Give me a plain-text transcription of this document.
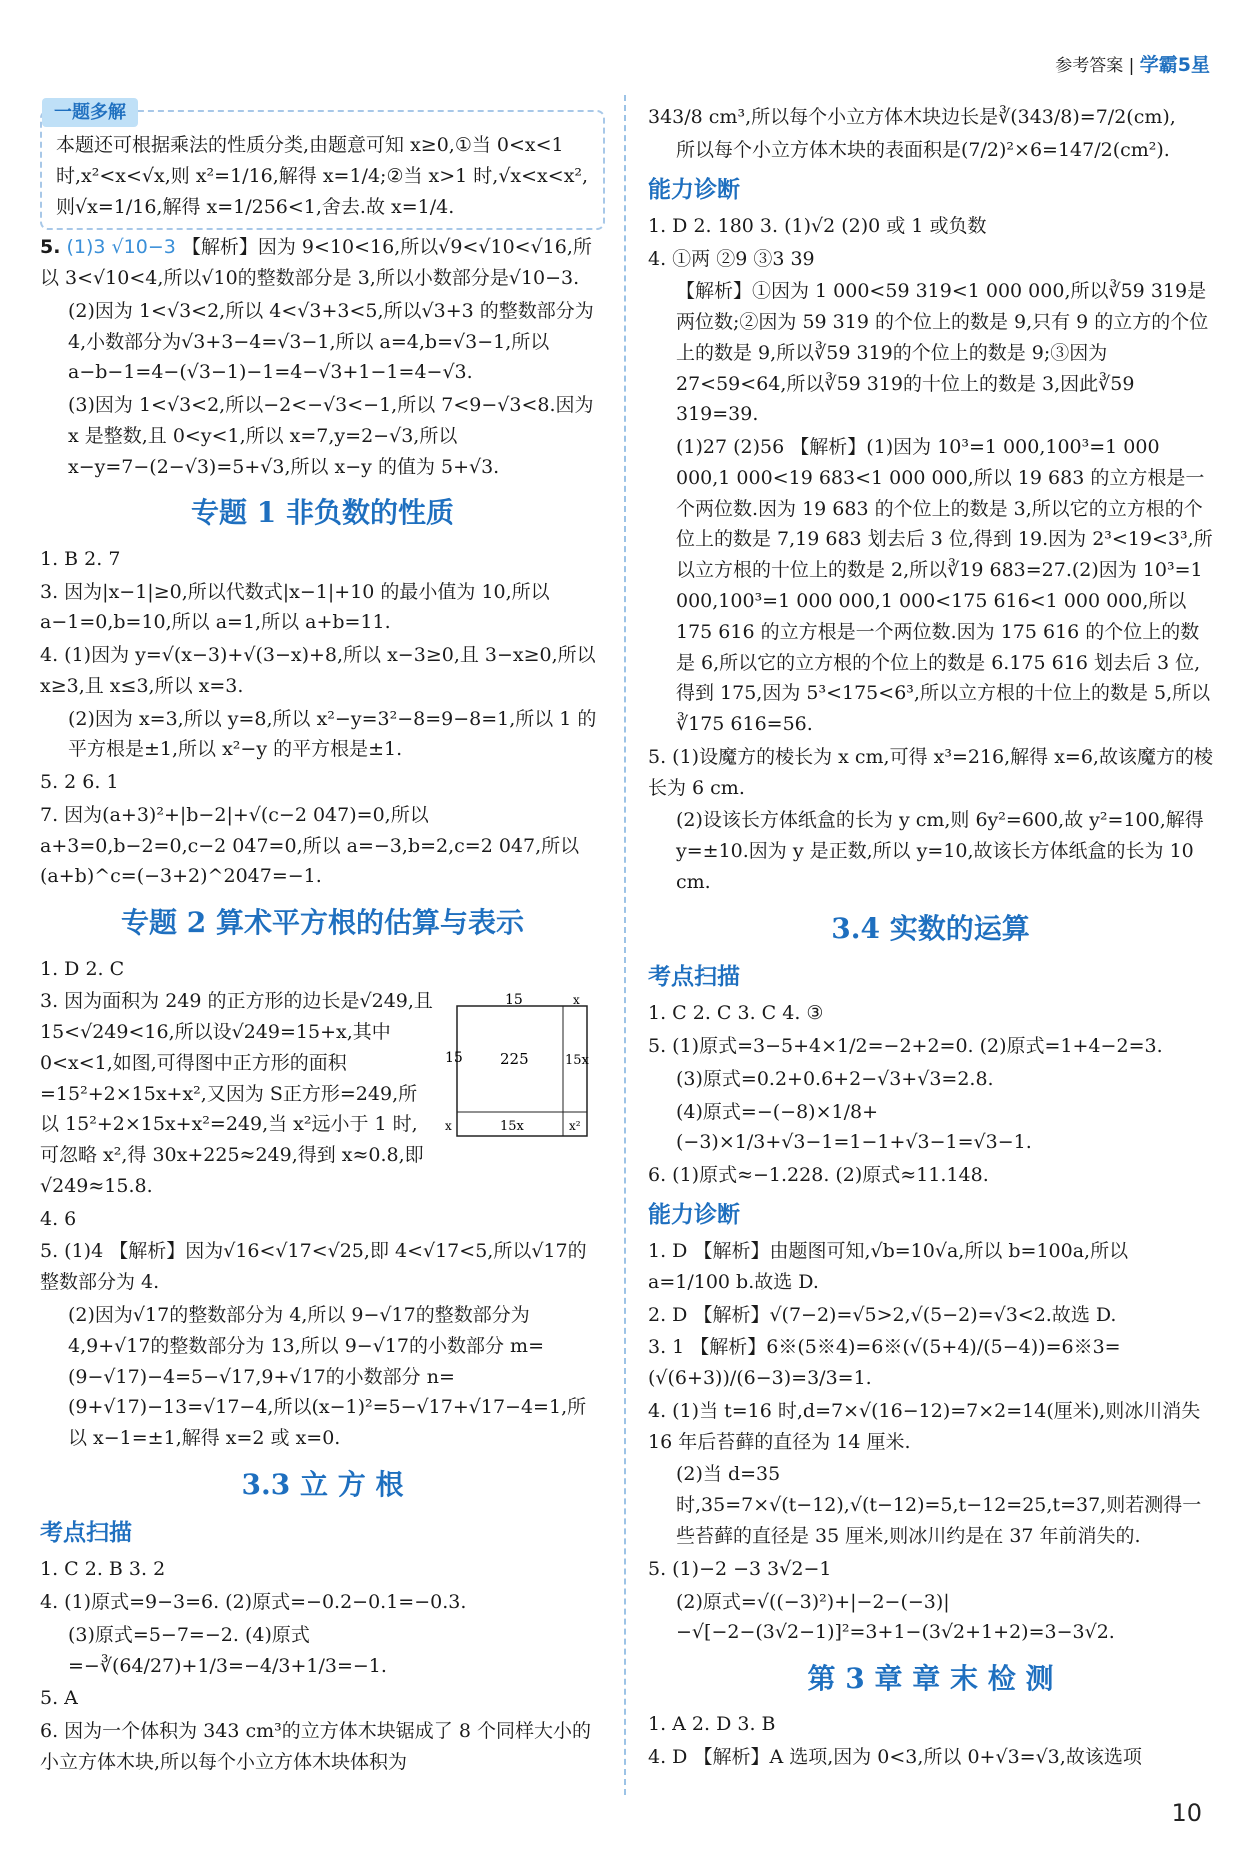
参考答案 | 学霸5星
一题多解
本题还可根据乘法的性质分类,由题意可知 x≥0,①当 0<x<1 时,x²<x<√x,则 x²=1/16,解得 x=1/4;②当 x>1 时,√x<x<x²,则√x=1/16,解得 x=1/256<1,舍去.故 x=1/4.
5. (1)3 √10−3 【解析】因为 9<10<16,所以√9<√10<√16,所以 3<√10<4,所以√10的整数部分是 3,所以小数部分是√10−3.
(2)因为 1<√3<2,所以 4<√3+3<5,所以√3+3 的整数部分为 4,小数部分为√3+3−4=√3−1,所以 a=4,b=√3−1,所以 a−b−1=4−(√3−1)−1=4−√3+1−1=4−√3.
(3)因为 1<√3<2,所以−2<−√3<−1,所以 7<9−√3<8.因为 x 是整数,且 0<y<1,所以 x=7,y=2−√3,所以 x−y=7−(2−√3)=5+√3,所以 x−y 的值为 5+√3.
专题 1 非负数的性质
1. B 2. 7
3. 因为|x−1|≥0,所以代数式|x−1|+10 的最小值为 10,所以 a−1=0,b=10,所以 a=1,所以 a+b=11.
4. (1)因为 y=√(x−3)+√(3−x)+8,所以 x−3≥0,且 3−x≥0,所以 x≥3,且 x≤3,所以 x=3.
(2)因为 x=3,所以 y=8,所以 x²−y=3²−8=9−8=1,所以 1 的平方根是±1,所以 x²−y 的平方根是±1.
5. 2 6. 1
7. 因为(a+3)²+|b−2|+√(c−2 047)=0,所以 a+3=0,b−2=0,c−2 047=0,所以 a=−3,b=2,c=2 047,所以(a+b)^c=(−3+2)^2047=−1.
专题 2 算术平方根的估算与表示
1. D 2. C
15
15 225	15x
15x	x²
x
x
3. 因为面积为 249 的正方形的边长是√249,且 15<√249<16,所以设√249=15+x,其中 0<x<1,如图,可得图中正方形的面积=15²+2×15x+x²,又因为 S正方形=249,所以 15²+2×15x+x²=249,当 x²远小于 1 时,可忽略 x²,得 30x+225≈249,得到 x≈0.8,即√249≈15.8.
4. 6
5. (1)4 【解析】因为√16<√17<√25,即 4<√17<5,所以√17的整数部分为 4.
(2)因为√17的整数部分为 4,所以 9−√17的整数部分为 4,9+√17的整数部分为 13,所以 9−√17的小数部分 m=(9−√17)−4=5−√17,9+√17的小数部分 n=(9+√17)−13=√17−4,所以(x−1)²=5−√17+√17−4=1,所以 x−1=±1,解得 x=2 或 x=0.
3.3 立 方 根
考点扫描
1. C 2. B 3. 2
4. (1)原式=9−3=6. (2)原式=−0.2−0.1=−0.3.
(3)原式=5−7=−2. (4)原式=−∛(64/27)+1/3=−4/3+1/3=−1.
5. A
6. 因为一个体积为 343 cm³的立方体木块锯成了 8 个同样大小的小立方体木块,所以每个小立方体木块体积为
343/8 cm³,所以每个小立方体木块边长是∛(343/8)=7/2(cm),
所以每个小立方体木块的表面积是(7/2)²×6=147/2(cm²).
能力诊断
1. D 2. 180 3. (1)√2 (2)0 或 1 或负数
4. ①两 ②9 ③3 39
【解析】①因为 1 000<59 319<1 000 000,所以∛59 319是两位数;②因为 59 319 的个位上的数是 9,只有 9 的立方的个位上的数是 9,所以∛59 319的个位上的数是 9;③因为 27<59<64,所以∛59 319的十位上的数是 3,因此∛59 319=39.
(1)27 (2)56 【解析】(1)因为 10³=1 000,100³=1 000 000,1 000<19 683<1 000 000,所以 19 683 的立方根是一个两位数.因为 19 683 的个位上的数是 3,所以它的立方根的个位上的数是 7,19 683 划去后 3 位,得到 19.因为 2³<19<3³,所以立方根的十位上的数是 2,所以∛19 683=27.(2)因为 10³=1 000,100³=1 000 000,1 000<175 616<1 000 000,所以175 616 的立方根是一个两位数.因为 175 616 的个位上的数是 6,所以它的立方根的个位上的数是 6.175 616 划去后 3 位,得到 175,因为 5³<175<6³,所以立方根的十位上的数是 5,所以∛175 616=56.
5. (1)设魔方的棱长为 x cm,可得 x³=216,解得 x=6,故该魔方的棱长为 6 cm.
(2)设该长方体纸盒的长为 y cm,则 6y²=600,故 y²=100,解得 y=±10.因为 y 是正数,所以 y=10,故该长方体纸盒的长为 10 cm.
3.4 实数的运算
考点扫描
1. C 2. C 3. C 4. ③
5. (1)原式=3−5+4×1/2=−2+2=0. (2)原式=1+4−2=3.
(3)原式=0.2+0.6+2−√3+√3=2.8.
(4)原式=−(−8)×1/8+(−3)×1/3+√3−1=1−1+√3−1=√3−1.
6. (1)原式≈−1.228. (2)原式≈11.148.
能力诊断
1. D 【解析】由题图可知,√b=10√a,所以 b=100a,所以 a=1/100 b.故选 D.
2. D 【解析】√(7−2)=√5>2,√(5−2)=√3<2.故选 D.
3. 1 【解析】6※(5※4)=6※(√(5+4)/(5−4))=6※3=(√(6+3))/(6−3)=3/3=1.
4. (1)当 t=16 时,d=7×√(16−12)=7×2=14(厘米),则冰川消失 16 年后苔藓的直径为 14 厘米.
(2)当 d=35 时,35=7×√(t−12),√(t−12)=5,t−12=25,t=37,则若测得一些苔藓的直径是 35 厘米,则冰川约是在 37 年前消失的.
5. (1)−2 −3 3√2−1
(2)原式=√((−3)²)+|−2−(−3)|−√[−2−(3√2−1)]²=3+1−(3√2+1+2)=3−3√2.
第 3 章 章 末 检 测
1. A 2. D 3. B
4. D 【解析】A 选项,因为 0<3,所以 0+√3=√3,故该选项
10
